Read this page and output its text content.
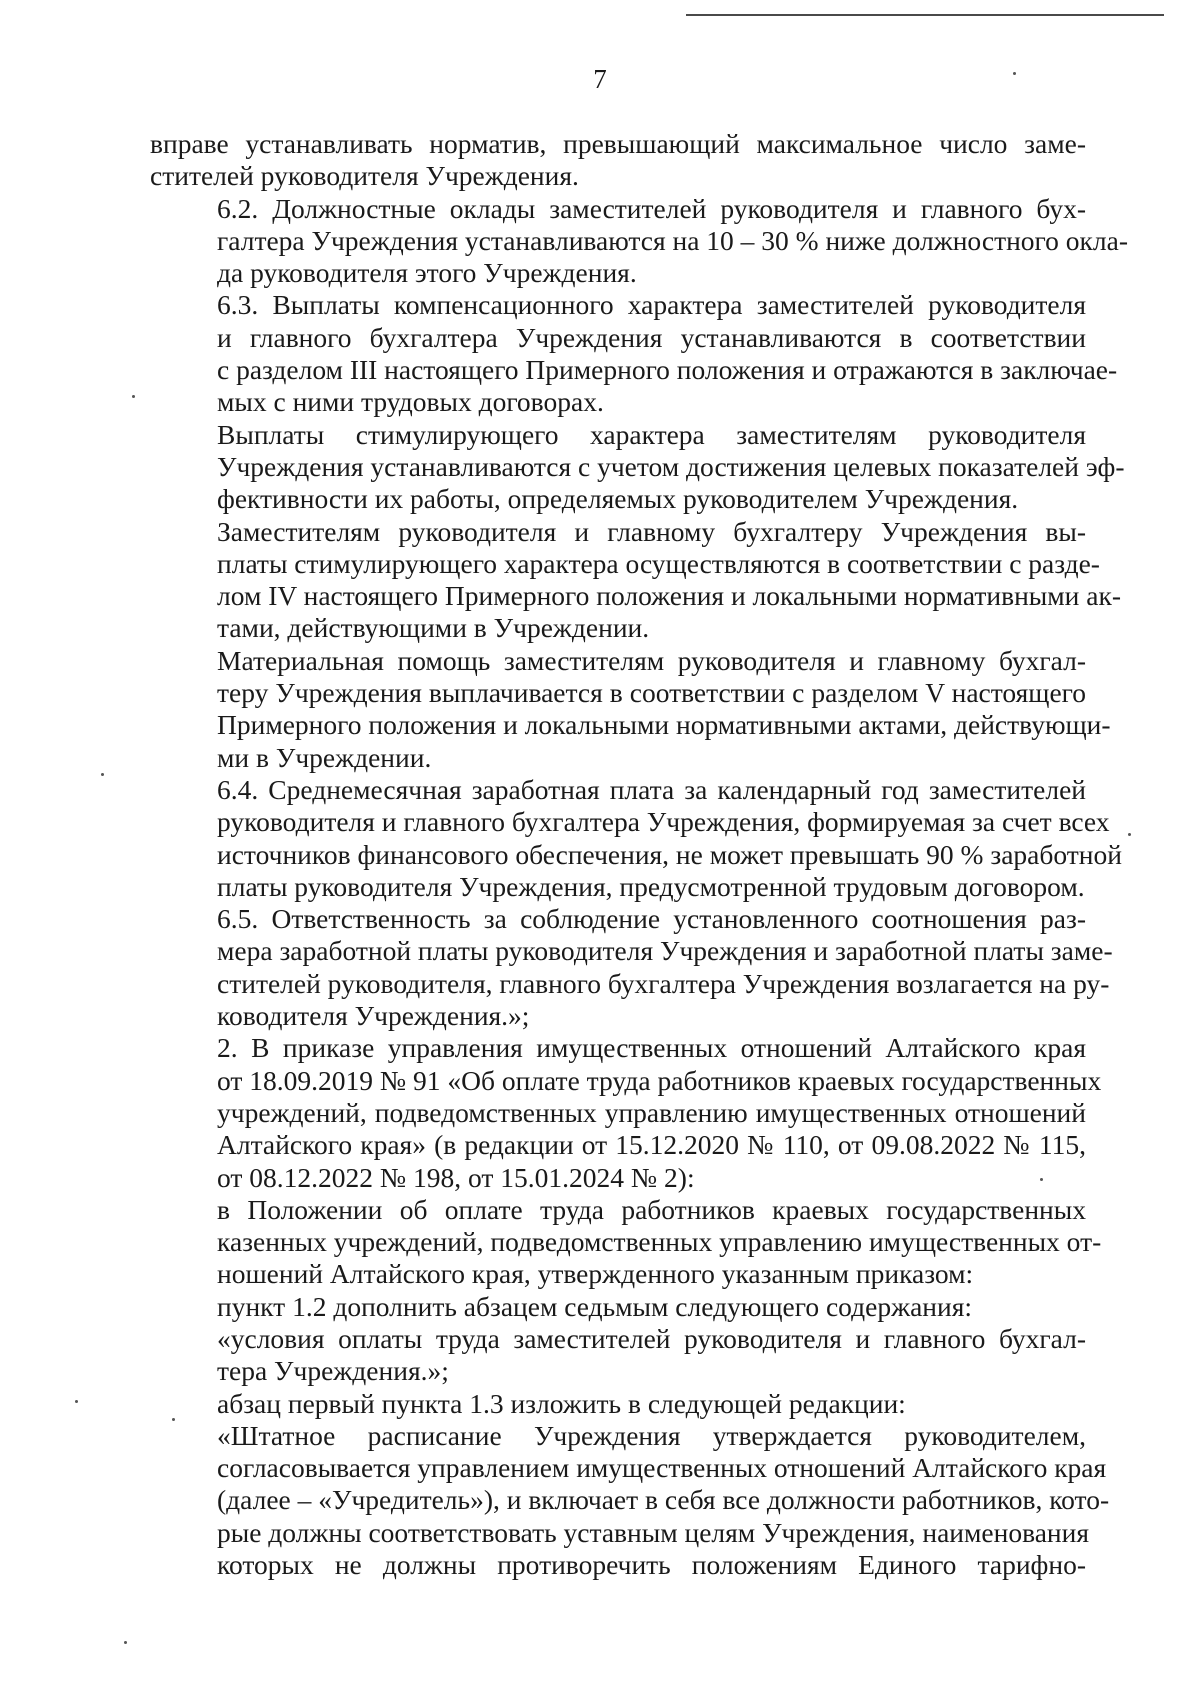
7

вправе устанавливать норматив, превышающий максимальное число заме-
стителей руководителя Учреждения.

6.2. Должностные оклады заместителей руководителя и главного бух-
галтера Учреждения устанавливаются на 10 – 30 % ниже должностного окла-
да руководителя этого Учреждения.

6.3. Выплаты компенсационного характера заместителей руководителя
и главного бухгалтера Учреждения устанавливаются в соответствии
с разделом III настоящего Примерного положения и отражаются в заключае-
мых с ними трудовых договорах.

Выплаты стимулирующего характера заместителям руководителя
Учреждения устанавливаются с учетом достижения целевых показателей эф-
фективности их работы, определяемых руководителем Учреждения.

Заместителям руководителя и главному бухгалтеру Учреждения вы-
платы стимулирующего характера осуществляются в соответствии с разде-
лом IV настоящего Примерного положения и локальными нормативными ак-
тами, действующими в Учреждении.

Материальная помощь заместителям руководителя и главному бухгал-
теру Учреждения выплачивается в соответствии с разделом V настоящего
Примерного положения и локальными нормативными актами, действующи-
ми в Учреждении.

6.4. Среднемесячная заработная плата за календарный год заместителей
руководителя и главного бухгалтера Учреждения, формируемая за счет всех
источников финансового обеспечения, не может превышать 90 % заработной
платы руководителя Учреждения, предусмотренной трудовым договором.

6.5. Ответственность за соблюдение установленного соотношения раз-
мера заработной платы руководителя Учреждения и заработной платы заме-
стителей руководителя, главного бухгалтера Учреждения возлагается на ру-
ководителя Учреждения.»;

2. В приказе управления имущественных отношений Алтайского края
от 18.09.2019 № 91 «Об оплате труда работников краевых государственных
учреждений, подведомственных управлению имущественных отношений
Алтайского края» (в редакции от 15.12.2020 № 110, от 09.08.2022 № 115,
от 08.12.2022 № 198, от 15.01.2024 № 2):

в Положении об оплате труда работников краевых государственных
казенных учреждений, подведомственных управлению имущественных от-
ношений Алтайского края, утвержденного указанным приказом:

пункт 1.2 дополнить абзацем седьмым следующего содержания:

«условия оплаты труда заместителей руководителя и главного бухгал-
тера Учреждения.»;

абзац первый пункта 1.3 изложить в следующей редакции:

«Штатное расписание Учреждения утверждается руководителем,
согласовывается управлением имущественных отношений Алтайского края
(далее – «Учредитель»), и включает в себя все должности работников, кото-
рые должны соответствовать уставным целям Учреждения, наименования
которых не должны противоречить положениям Единого тарифно-
